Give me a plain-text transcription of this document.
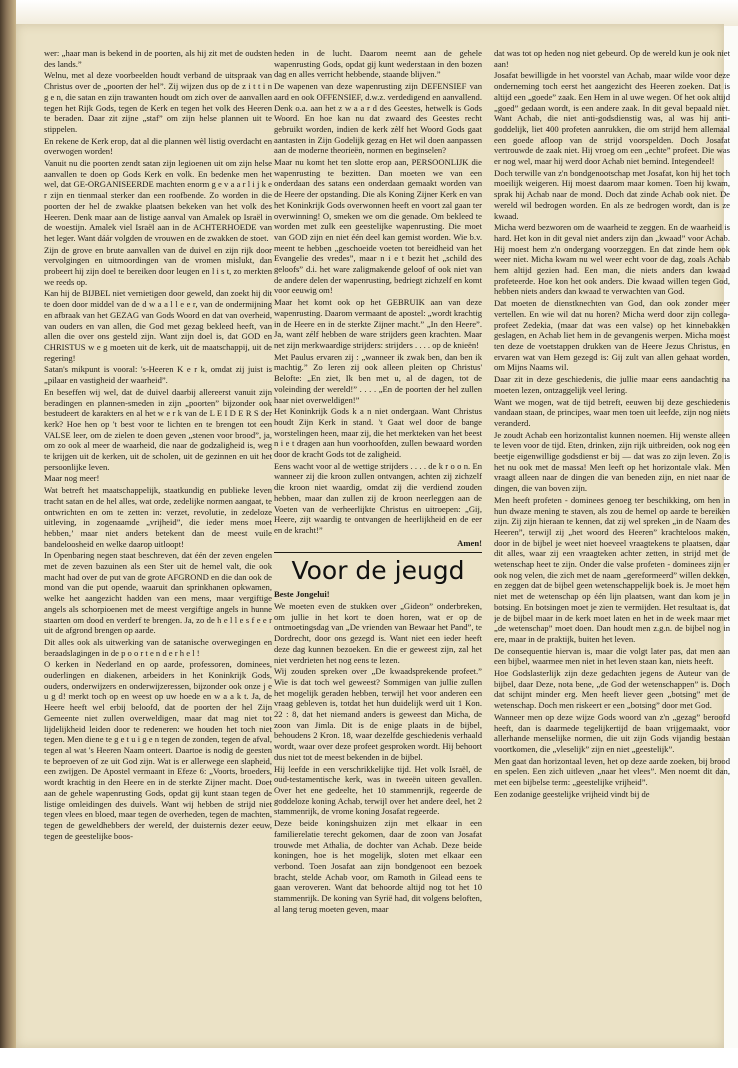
wer: „haar man is bekend in de poorten, als hij zit met de oudsten des lands.”

Welnu, met al deze voorbeelden houdt verband de uitspraak van Christus over de „poorten der hel”. Zij wijzen dus op de z i t t i n g e n, die satan en zijn trawanten houdt om zich over de aanvallen tegen het Rijk Gods, tegen de Kerk en tegen het volk des Heeren te beraden. Daar zit zijne „staf” om zijn helse plannen uit te stippelen.

En rekene de Kerk erop, dat al die plannen wèl listig overdacht en overwogen worden!

Vanuit nu die poorten zendt satan zijn legioenen uit om zijn helse aanvallen te doen op Gods Kerk en volk. En bedenke men het wel, dat GE-ORGANISEERDE machten enorm g e v a a r l i j k e r zijn en tienmaal sterker dan een roofbende. Zo worden in die poorten der hel de zwakke plaatsen bekeken van het volk des Heeren. Denk maar aan de listige aanval van Amalek op Israël in de woestijn. Amalek viel Israël aan in de ACHTERHOEDE van het leger. Want dáár volgden de vrouwen en de zwakken de stoet.

Zijn de grove en brute aanvallen van de duivel en zijn rijk door vervolgingen en uitmoordingen van de vromen mislukt, dan probeert hij zijn doel te bereiken door leugen en l i s t, zo merkten we reeds op.

Kan hij de BIJBEL niet vernietigen door geweld, dan zoekt hij dit te doen door middel van de d w a a l l e e r, van de ondermijning en afbraak van het GEZAG van Gods Woord en dat van overheid, van ouders en van allen, die God met gezag bekleed heeft, van allen die over ons gesteld zijn. Want zijn doel is, dat GOD en CHRISTUS w e g moeten uit de kerk, uit de maatschappij, uit de regering!

Satan's mikpunt is vooral: 's-Heeren K e r k, omdat zij juist is „pilaar en vastigheid der waarheid”.

En beseffen wij wel, dat de duivel daarbij allereerst vanuit zijn beradingen en plannen-smeden in zijn „poorten” bijzonder ook bestudeert de karakters en al het w e r k van de L E I D E R S der kerk? Hoe hen op 't best voor te lichten en te brengen tot een VALSE leer, om de zielen te doen geven „stenen voor brood”, ja, om zo ook al meer de waarheid, die naar de godzaligheid is, weg te krijgen uit de kerken, uit de scholen, uit de gezinnen en uit het persoonlijke leven.

Maar nog meer!

Wat betreft het maatschappelijk, staatkundig en publieke leven tracht satan en de hel alles, wat orde, zedelijke normen aangaat, te ontwrichten en om te zetten in: verzet, revolutie, in zedeloze uitleving, in zogenaamde „vrijheid”, die ieder mens moet hebben,’ maar niet anders betekent dan de meest vuile bandeloosheid en welke daarop uitloopt!

In Openbaring negen staat beschreven, dat één der zeven engelen met de zeven bazuinen als een Ster uit de hemel valt, die ook macht had over de put van de grote AFGROND en die dan ook de mond van die put opende, waaruit dan sprinkhanen opkwamen, welke het aangezicht hadden van een mens, maar vergiftige angels als schorpioenen met de meest vergiftige angels in hunne staarten om dood en verderf te brengen. Ja, zo de h e l l e s f e e r uit de afgrond brengen op aarde.

Dit alles ook als uitwerking van de satanische overwegingen en beraadslagingen in de p o o r t e n d e r h e l !

O kerken in Nederland en op aarde, professoren, dominees, ouderlingen en diakenen, arbeiders in het Koninkrijk Gods, ouders, onderwijzers en onderwijzeressen, bijzonder ook onze j e u g d! merkt toch op en weest op uw hoede en w a a k t. Ja, de Heere heeft wel erbij beloofd, dat de poorten der hel Zijn Gemeente niet zullen overweldigen, maar dat mag niet tot lijdelijkheid leiden door te redeneren: we houden het toch niet tegen. Men diene te g e t u i g e n tegen de zonden, tegen de afval, tegen al wat 's Heeren Naam onteert. Daartoe is nodig de geesten te beproeven of ze uit God zijn. Wat is er allerwege een slapheid, een zwijgen. De Apostel vermaant in Efeze 6: „Voorts, broeders, wordt krachtig in den Heere en in de sterkte Zijner macht. Doet aan de gehele wapenrusting Gods, opdat gij kunt staan tegen de listige omleidingen des duivels. Want wij hebben de strijd niet tegen vlees en bloed, maar tegen de overheden, tegen de machten, tegen de geweldhebbers der wereld, der duisternis dezer eeuw, tegen de geestelijke boos-

heden in de lucht. Daarom neemt aan de gehele wapenrusting Gods, opdat gij kunt wederstaan in den bozen dag en alles verricht hebbende, staande blijven.”

De wapenen van deze wapenrusting zijn DEFENSIEF van aard en ook OFFENSIEF, d.w.z. verdedigend en aanvallend. Denk o.a. aan het z w a a r d des Geestes, hetwelk is Gods Woord. En hoe kan nu dat zwaard des Geestes recht gebruikt worden, indien de kerk zèlf het Woord Gods gaat aantasten in Zijn Godelijk gezag en Het wil doen aanpassen aan de moderne theorieën, normen en beginselen?

Maar nu komt het ten slotte erop aan, PERSOONLIJK die wapenrusting te bezitten. Dan moeten we van een onderdaan des satans een onderdaan gemaakt worden van de Heere der opstanding. Die als Koning Zijner Kerk en van het Koninkrijk Gods overwonnen heeft en voort zal gaan ter overwinning! O, smeken we om die genade. Om bekleed te worden met zulk een geestelijke wapenrusting. Die moet van GOD zijn en niet één deel kan gemist worden. Wie b.v. meent te hebben „geschoeide voeten tot bereidheid van het Evangelie des vredes”, maar n i e t bezit het „schild des geloofs” d.i. het ware zaligmakende geloof of ook niet van de andere delen der wapenrusting, bedriegt zichzelf en komt voor eeuwig om!

Maar het komt ook op het GEBRUIK aan van deze wapenrusting. Daarom vermaant de apostel: „wordt krachtig in de Heere en in de sterkte Zijner macht.” „In den Heere”. Ja, want zélf hebben de ware strijders geen krachten. Maar net zijn merkwaardige strijders: strijders . . . . op de knieën!

Met Paulus ervaren zij : „wanneer ik zwak ben, dan ben ik machtig.” Zo leren zij ook alleen pleiten op Christus' Belofte: „En ziet, Ik ben met u, al de dagen, tot de voleinding der wereld!” . . . . „En de poorten der hel zullen haar niet overweldigen!”

Het Koninkrijk Gods k a n niet ondergaan. Want Christus houdt Zijn Kerk in stand. 't Gaat wel door de bange worstelingen heen, maar zij, die het merkteken van het beest n i e t dragen aan hun voorhoofden, zullen bewaard worden door de kracht Gods tot de zaligheid.

Eens wacht voor al de wettige strijders . . . . de k r o o n. En wanneer zij die kroon zullen ontvangen, achten zij zichzelf die kroon niet waardig, omdat zij die verdiend zouden hebben, maar dan zullen zij de kroon neerleggen aan de Voeten van de verheerlijkte Christus en uitroepen: „Gij, Heere, zijt waardig te ontvangen de heerlijkheid en de eer en de kracht!”

Amen!
Voor de jeugd
Beste Jongelui!

We moeten even de stukken over „Gideon” onderbreken, om jullie in het kort te doen horen, wat er op de ontmoetingsdag van „De vrienden van Bewaar het Pand”, te Dordrecht, door ons gezegd is. Want niet een ieder heeft deze dag kunnen bezoeken. En die er geweest zijn, zal het niet verdrieten het nog eens te lezen.

Wij zouden spreken over „De kwaadsprekende profeet.” Wie is dat toch wel geweest? Sommigen van jullie zullen het mogelijk geraden hebben, terwijl het voor anderen een vraag gebleven is, totdat het hun duidelijk werd uit 1 Kon. 22 : 8, dat het niemand anders is geweest dan Micha, de zoon van Jimla. Dit is de enige plaats in de bijbel, behoudens 2 Kron. 18, waar dezelfde geschiedenis verhaald wordt, waar over deze profeet gesproken wordt. Hij behoort dus niet tot de meest bekenden in de bijbel.

Hij leefde in een verschrikkelijke tijd. Het volk Israël, de oud-testamentische kerk, was in tweeën uiteen gevallen. Over het ene gedeelte, het 10 stammenrijk, regeerde de goddeloze koning Achab, terwijl over het andere deel, het 2 stammenrijk, de vrome koning Josafat regeerde.

Deze beide koningshuizen zijn met elkaar in een familierelatie terecht gekomen, daar de zoon van Josafat trouwde met Athalia, de dochter van Achab. Deze beide koningen, hoe is het mogelijk, sloten met elkaar een verbond. Toen Josafat aan zijn bondgenoot een bezoek bracht, stelde Achab voor, om Ramoth in Gilead eens te gaan veroveren. Want dat behoorde altijd nog tot het 10 stammenrijk. De koning van Syrië had, dit volgens beloften, al lang terug moeten geven, maar

dat was tot op heden nog niet gebeurd. Op de wereld kun je ook niet aan!

Josafat bewilligde in het voorstel van Achab, maar wilde voor deze onderneming toch eerst het aangezicht des Heeren zoeken. Dat is altijd een „goede” zaak. Een Hem in al uwe wegen. Of het ook altijd „goed” gedaan wordt, is een andere zaak. In dit geval bepaald niet. Want Achab, die niet anti-godsdienstig was, al was hij anti-goddelijk, liet 400 profeten aanrukken, die om strijd hem allemaal een goede afloop van de strijd voorspelden. Doch Josafat vertrouwde de zaak niet. Hij vroeg om een „echte” profeet. Die was er nog wel, maar hij werd door Achab niet bemind. Integendeel!

Doch terwille van z'n bondgenootschap met Josafat, kon hij het toch moeilijk weigeren. Hij moest daarom maar komen. Toen hij kwam, sprak hij Achab naar de mond. Doch dat zinde Achab ook niet. De wereld wil bedrogen worden. En als ze bedrogen wordt, dan is ze kwaad.

Micha werd bezworen om de waarheid te zeggen. En de waarheid is hard. Het kon in dit geval niet anders zijn dan „kwaad” voor Achab. Hij moest hem z'n ondergang voorzeggen. En dat zinde hem ook weer niet. Micha kwam nu wel weer echt voor de dag, zoals Achab hem altijd gezien had. Een man, die niets anders dan kwaad profeteerde. Hoe kon het ook anders. Die kwaad willen tegen God, hebben niets anders dan kwaad te verwachten van God.

Dat moeten de dienstknechten van God, dan ook zonder meer vertellen. En wie wil dat nu horen? Micha werd door zijn collega-profeet Zedekia, (maar dat was een valse) op het kinnebakken geslagen, en Achab liet hem in de gevangenis werpen. Micha moest ten deze de voetstappen drukken van de Heere Jezus Christus, en ervaren wat van Hem gezegd is: Gij zult van allen gehaat worden, om Mijns Naams wil.

Daar zit in deze geschiedenis, die jullie maar eens aandachtig na moeten lezen, ontzaggelijk veel lering.

Want we mogen, wat de tijd betreft, eeuwen bij deze geschiedenis vandaan staan, de principes, waar men toen uit leefde, zijn nog niets veranderd.

Je zoudt Achab een horizontalist kunnen noemen. Hij wenste alleen te leven voor de tijd. Eten, drinken, zijn rijk uitbreiden, ook nog een beetje eigenwillige godsdienst er bij — dat was zo zijn leven. Zo is het nu ook met de massa! Men leeft op het horizontale vlak. Men vraagt alleen naar de dingen die van beneden zijn, en niet naar de dingen, die van boven zijn.

Men heeft profeten - dominees genoeg ter beschikking, om hen in hun dwaze mening te staven, als zou de hemel op aarde te bereiken zijn. Zij zijn hieraan te kennen, dat zij wel spreken „in de Naam des Heeren”, terwijl zij „het woord des Heeren” krachteloos maken, door in de bijbel je weet niet hoeveel vraagtekens te plaatsen, daar dit alles, waar zij een vraagteken achter zetten, in strijd met de wetenschap heet te zijn. Onder die valse profeten - dominees zijn er ook nog velen, die zich met de naam „gereformeerd” willen dekken, en zeggen dat de bijbel geen wetenschappelijk boek is. Je moet hem niet met de wetenschap op één lijn plaatsen, want dan kom je in botsing. En botsingen moet je zien te vermijden. Het resultaat is, dat je de bijbel maar in de kerk moet laten en het in de week maar met „de wetenschap” moet doen. Dan houdt men z.g.n. de bijbel nog in ere, maar in de praktijk, buiten het leven.

De consequentie hiervan is, maar die volgt later pas, dat men aan een bijbel, waarmee men niet in het leven staan kan, niets heeft.

Hoe Godslasterlijk zijn deze gedachten jegens de Auteur van de bijbel, daar Deze, nota bene, „de God der wetenschappen” is. Doch dat schijnt minder erg. Men heeft liever geen „botsing” met de wetenschap. Doch men riskeert er een „botsing” door met God.

Wanneer men op deze wijze Gods woord van z'n „gezag” beroofd heeft, dan is daarmede tegelijkertijd de baan vrijgemaakt, voor allerhande menselijke normen, die uit zijn Gods vijandig bestaan voortkomen, die „vleselijk” zijn en niet „geestelijk”.

Men gaat dan horizontaal leven, het op deze aarde zoeken, bij brood en spelen. Een zich uitleven „naar het vlees”. Men noemt dit dan, met een bijbelse term: „geestelijke vrijheid”.

Een zodanige geestelijke vrijheid vindt bij de
